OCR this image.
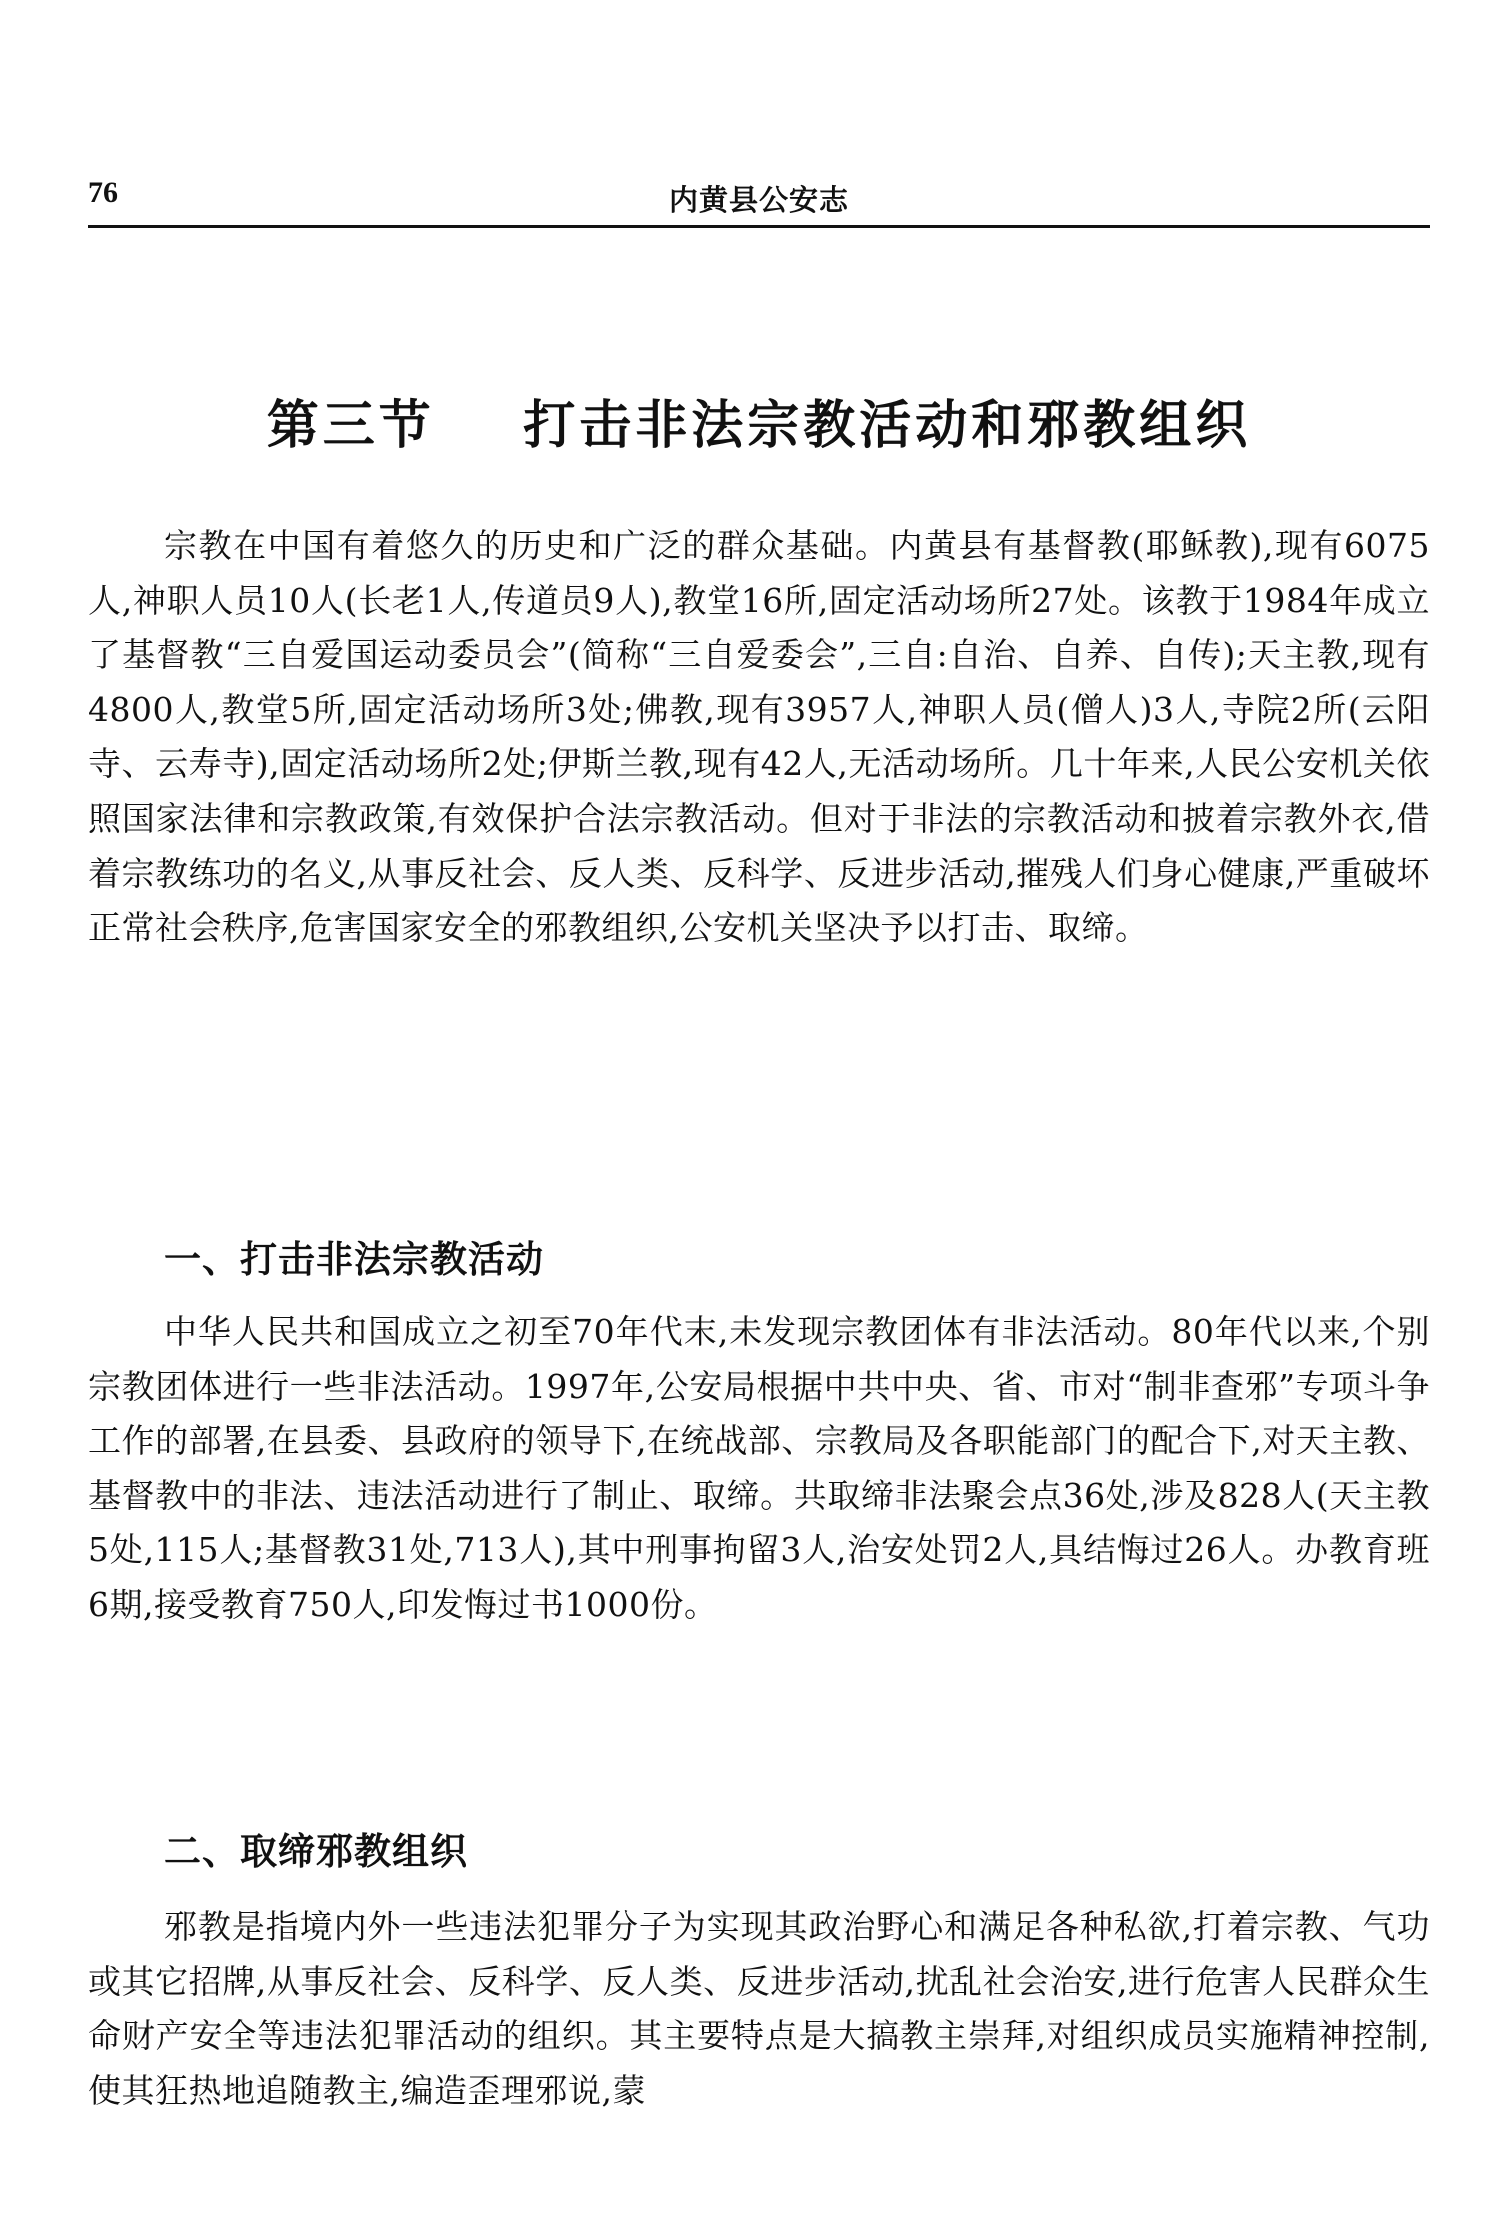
76	内黄县公安志
第三节    打击非法宗教活动和邪教组织

宗教在中国有着悠久的历史和广泛的群众基础。内黄县有基督教(耶稣教),现有6075人,神职人员10人(长老1人,传道员9人),教堂16所,固定活动场所27处。该教于1984年成立了基督教“三自爱国运动委员会”(简称“三自爱委会”,三自:自治、自养、自传);天主教,现有4800人,教堂5所,固定活动场所3处;佛教,现有3957人,神职人员(僧人)3人,寺院2所(云阳寺、云寿寺),固定活动场所2处;伊斯兰教,现有42人,无活动场所。几十年来,人民公安机关依照国家法律和宗教政策,有效保护合法宗教活动。但对于非法的宗教活动和披着宗教外衣,借着宗教练功的名义,从事反社会、反人类、反科学、反进步活动,摧残人们身心健康,严重破坏正常社会秩序,危害国家安全的邪教组织,公安机关坚决予以打击、取缔。

一、打击非法宗教活动

中华人民共和国成立之初至70年代末,未发现宗教团体有非法活动。80年代以来,个别宗教团体进行一些非法活动。1997年,公安局根据中共中央、省、市对“制非查邪”专项斗争工作的部署,在县委、县政府的领导下,在统战部、宗教局及各职能部门的配合下,对天主教、基督教中的非法、违法活动进行了制止、取缔。共取缔非法聚会点36处,涉及828人(天主教5处,115人;基督教31处,713人),其中刑事拘留3人,治安处罚2人,具结悔过26人。办教育班6期,接受教育750人,印发悔过书1000份。

二、取缔邪教组织

邪教是指境内外一些违法犯罪分子为实现其政治野心和满足各种私欲,打着宗教、气功或其它招牌,从事反社会、反科学、反人类、反进步活动,扰乱社会治安,进行危害人民群众生命财产安全等违法犯罪活动的组织。其主要特点是大搞教主崇拜,对组织成员实施精神控制,使其狂热地追随教主,编造歪理邪说,蒙
